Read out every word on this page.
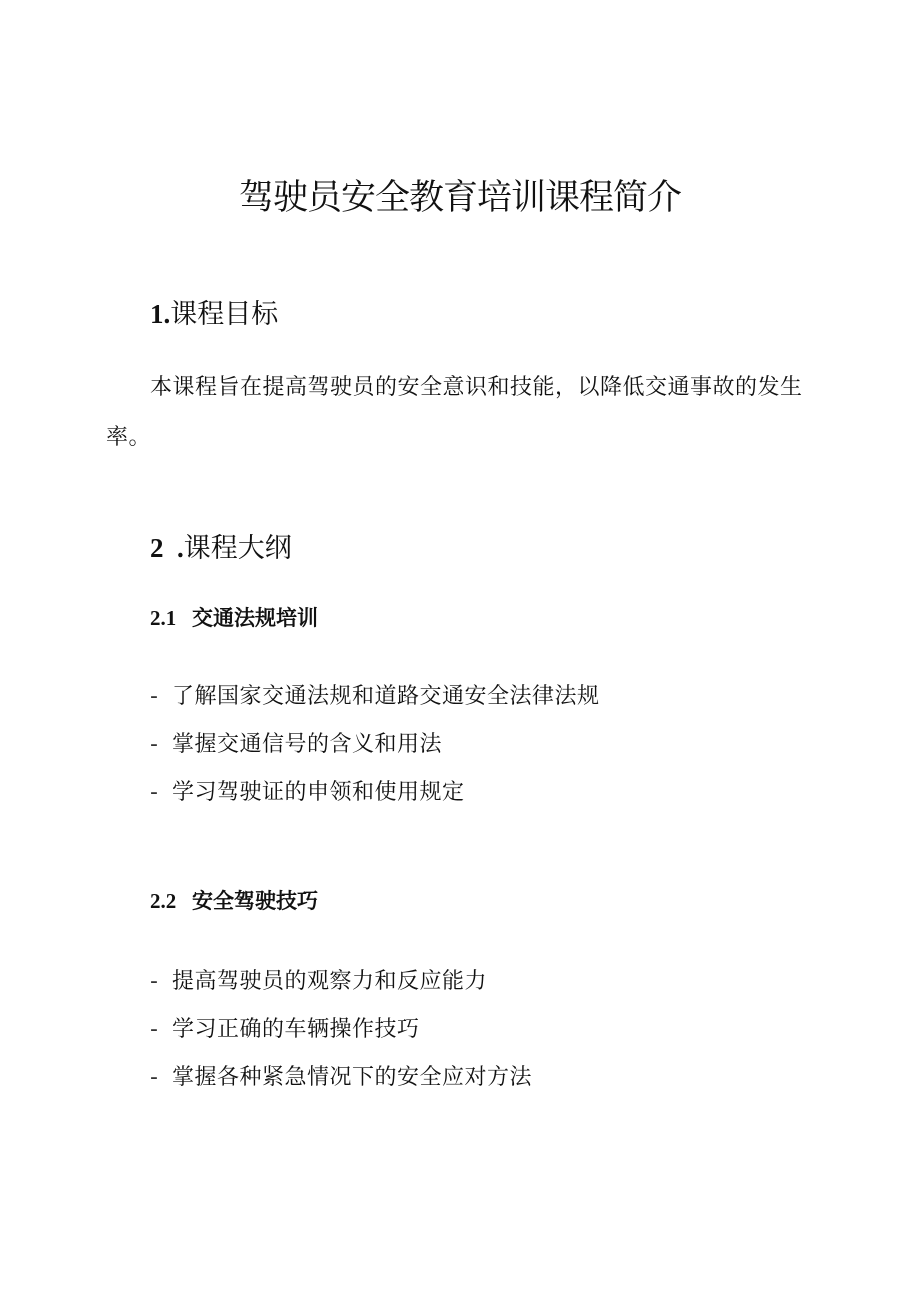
驾驶员安全教育培训课程简介
1.课程目标

本课程旨在提高驾驶员的安全意识和技能，以降低交通事故的发生率。

2  .课程大纲
2.1 交通法规培训
- 了解国家交通法规和道路交通安全法律法规
- 掌握交通信号的含义和用法
- 学习驾驶证的申领和使用规定
2.2 安全驾驶技巧
- 提高驾驶员的观察力和反应能力
- 学习正确的车辆操作技巧
- 掌握各种紧急情况下的安全应对方法
